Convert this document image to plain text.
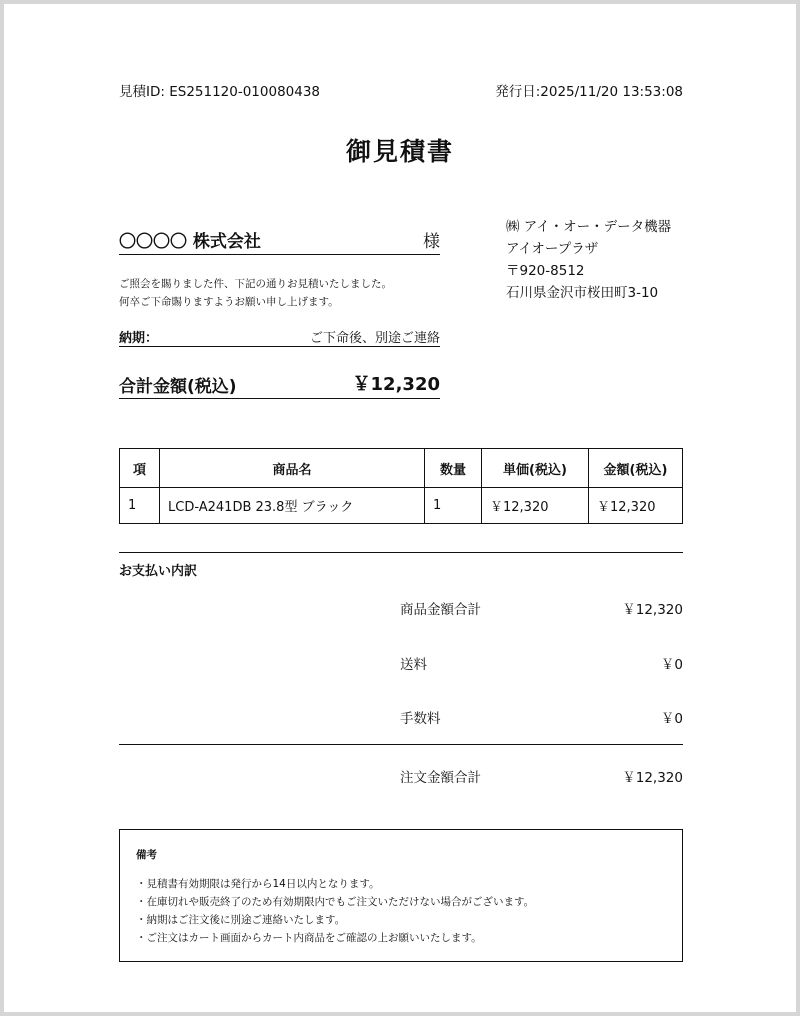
見積ID: ES251120-010080438	発行日:2025/11/20 13:53:08
御見積書
〇〇〇〇 株式会社	様
ご照会を賜りました件、下記の通りお見積いたしました。
何卒ご下命賜りますようお願い申し上げます。
納期：	ご下命後、別途ご連絡
合計金額(税込)	￥12,320
㈱ アイ・オー・データ機器
アイオープラザ
〒920-8512
石川県金沢市桜田町3-10
項	商品名	数量	単価(税込)	金額(税込)
1	LCD-A241DB 23.8型 ブラック	1	￥12,320	￥12,320
お支払い内訳
商品金額合計	￥12,320
送料	￥0
手数料	￥0
注文金額合計	￥12,320
備考
・見積書有効期限は発行から14日以内となります。
・在庫切れや販売終了のため有効期限内でもご注文いただけない場合がございます。
・納期はご注文後に別途ご連絡いたします。
・ご注文はカート画面からカート内商品をご確認の上お願いいたします。
